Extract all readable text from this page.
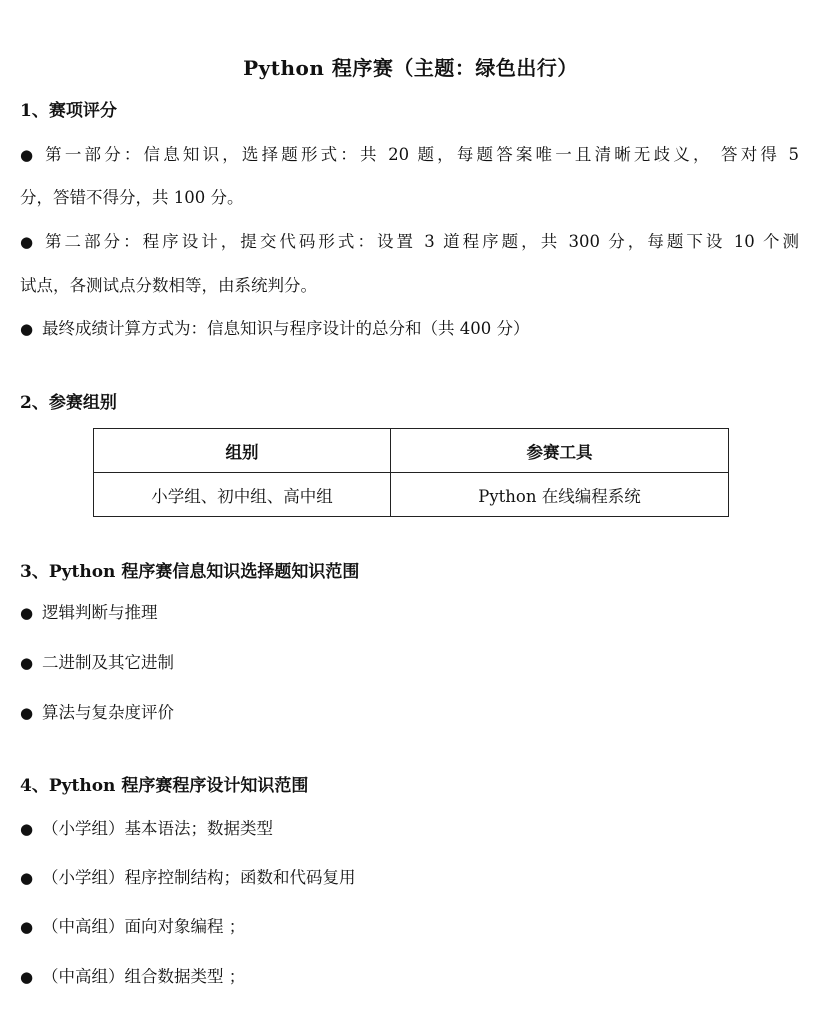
Python 程序赛（主题：绿色出行）
1、赛项评分
● 第一部分：信息知识，选择题形式：共 20 题，每题答案唯一且清晰无歧义， 答对得 5
分，答错不得分，共 100 分。
● 第二部分：程序设计，提交代码形式：设置 3 道程序题，共 300 分，每题下设 10 个测
试点，各测试点分数相等，由系统判分。
● 最终成绩计算方式为：信息知识与程序设计的总分和（共 400 分）
2、参赛组别
组别	参赛工具
小学组、初中组、高中组	Python 在线编程系统
3、Python 程序赛信息知识选择题知识范围
● 逻辑判断与推理
● 二进制及其它进制
● 算法与复杂度评价
4、Python 程序赛程序设计知识范围
● （小学组）基本语法；数据类型
● （小学组）程序控制结构；函数和代码复用
● （中高组）面向对象编程 ；
● （中高组）组合数据类型 ；
